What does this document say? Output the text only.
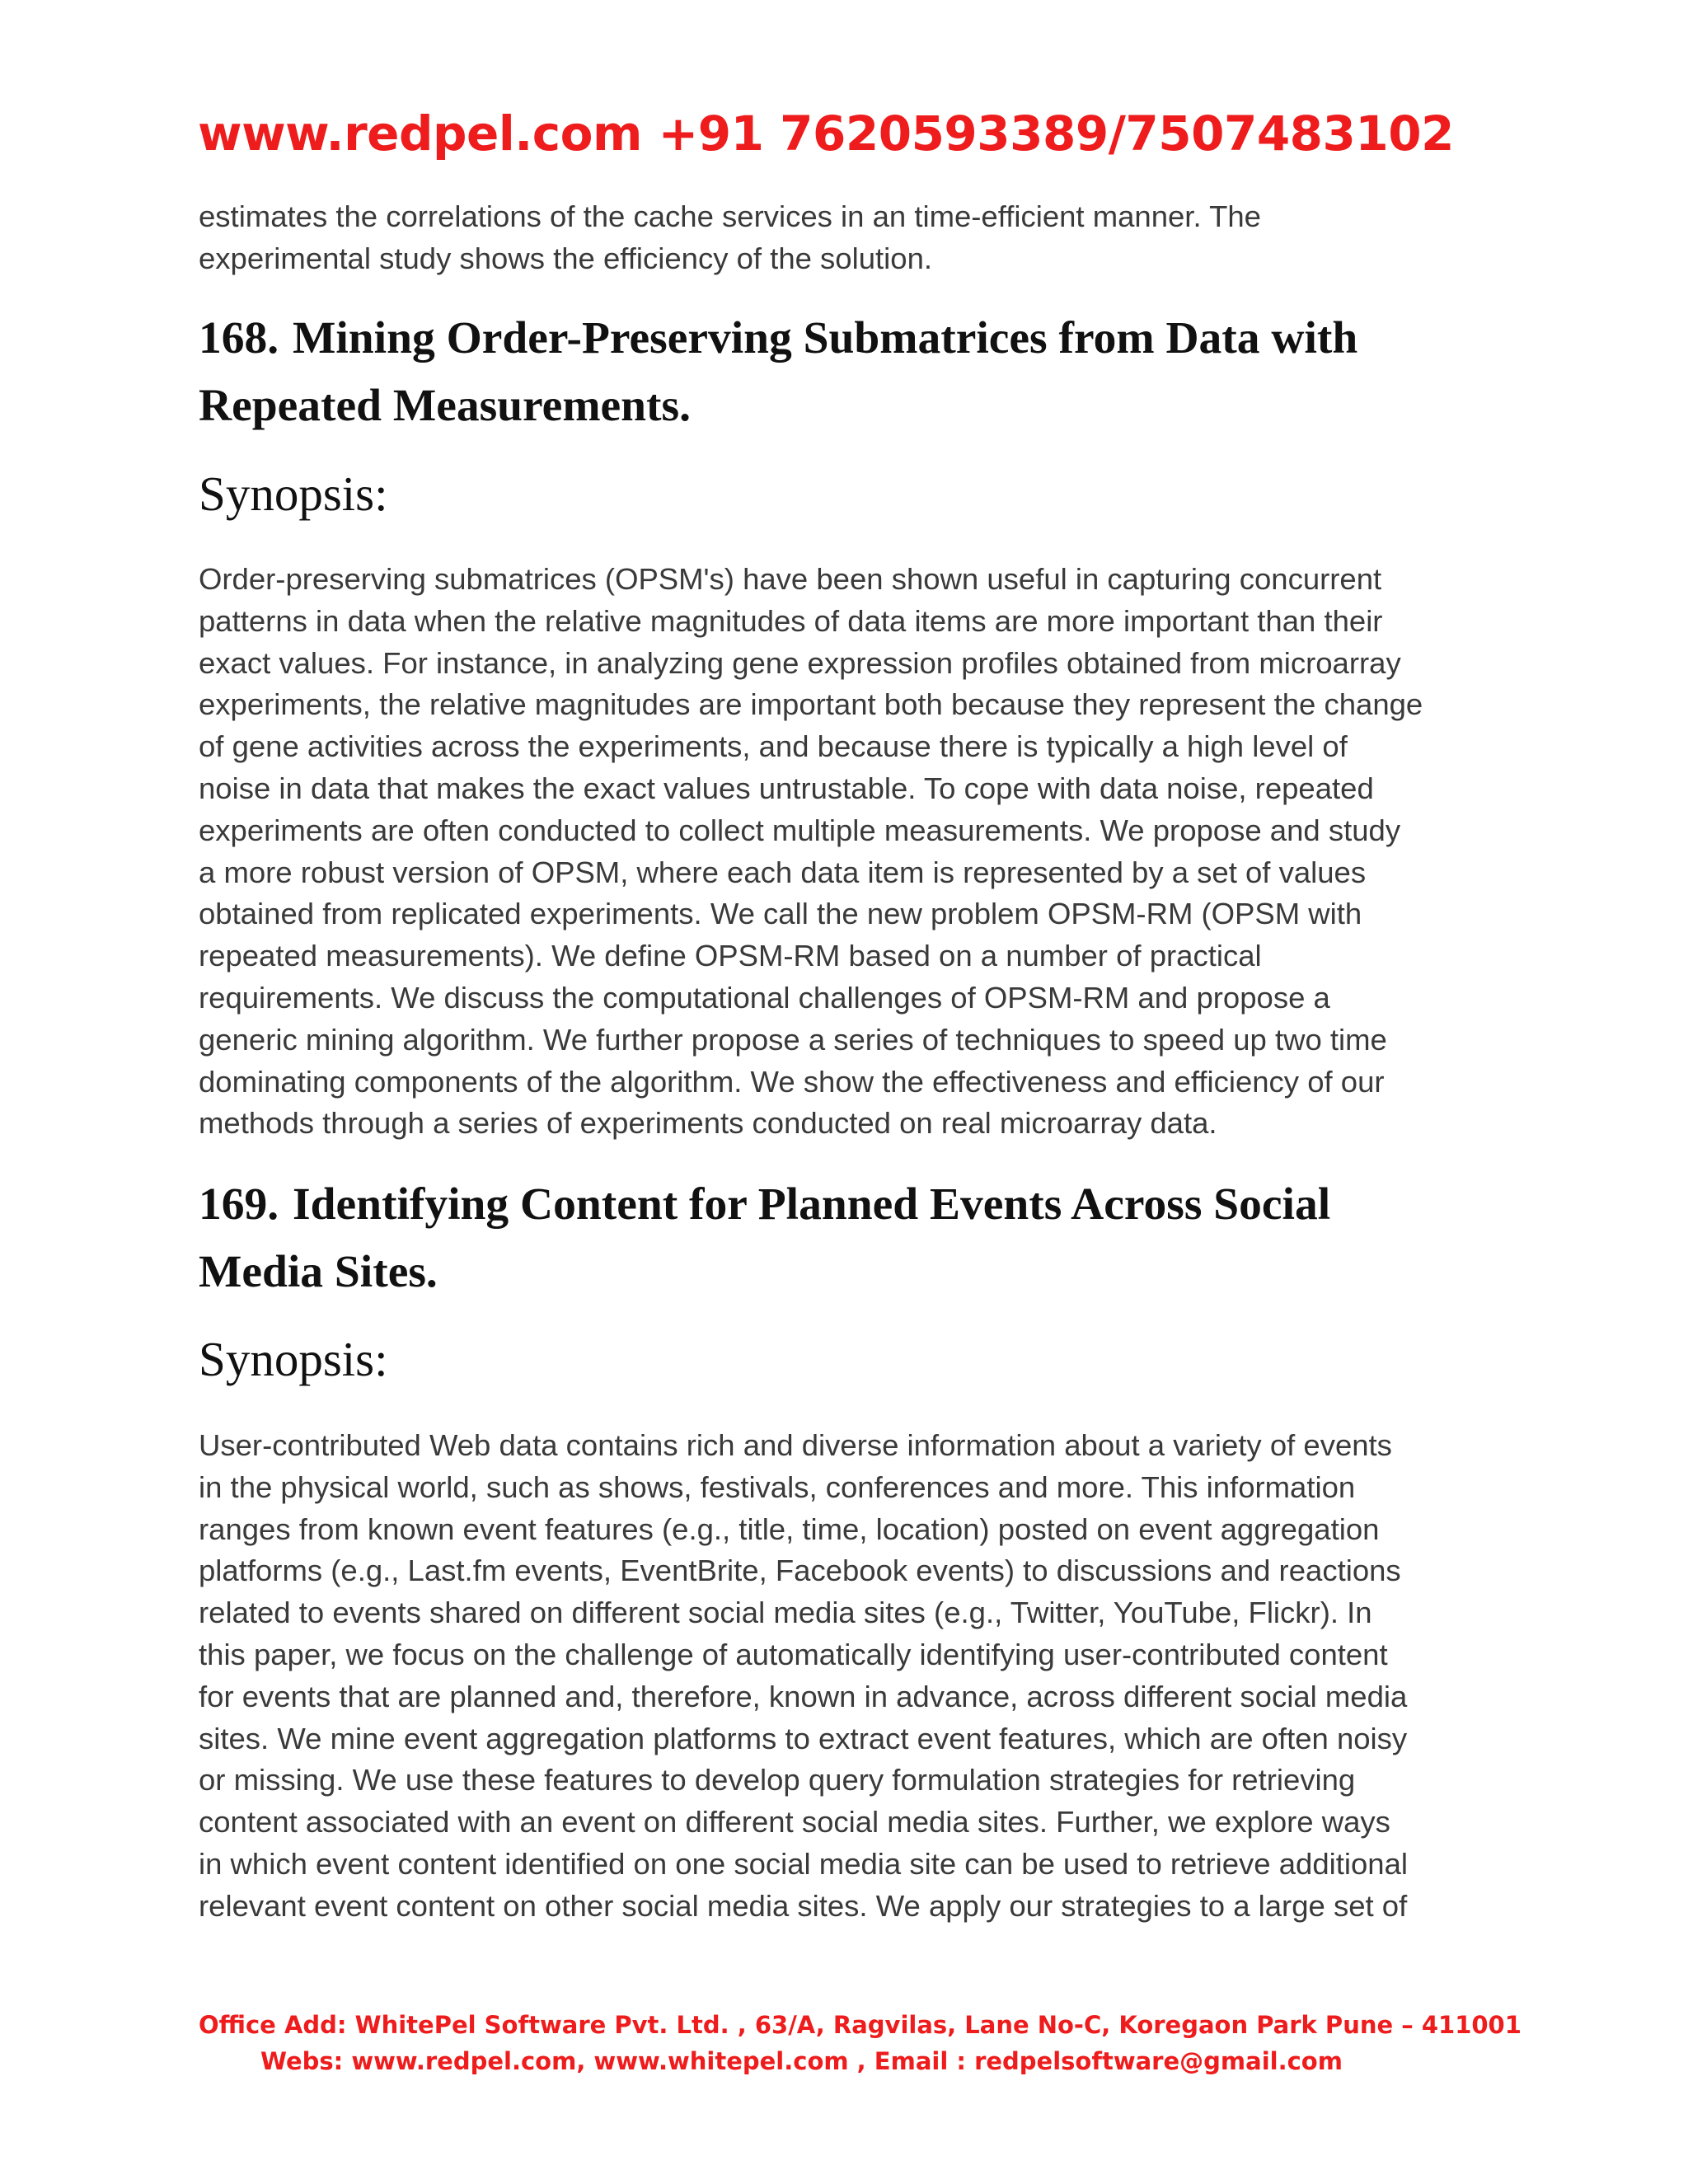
www.redpel.com +91 7620593389/7507483102

estimates the correlations of the cache services in an time-efficient manner. The
experimental study shows the efficiency of the solution.

168. Mining Order-Preserving Submatrices from Data with
Repeated Measurements.

Synopsis:

Order-preserving submatrices (OPSM's) have been shown useful in capturing concurrent
patterns in data when the relative magnitudes of data items are more important than their
exact values. For instance, in analyzing gene expression profiles obtained from microarray
experiments, the relative magnitudes are important both because they represent the change
of gene activities across the experiments, and because there is typically a high level of
noise in data that makes the exact values untrustable. To cope with data noise, repeated
experiments are often conducted to collect multiple measurements. We propose and study
a more robust version of OPSM, where each data item is represented by a set of values
obtained from replicated experiments. We call the new problem OPSM-RM (OPSM with
repeated measurements). We define OPSM-RM based on a number of practical
requirements. We discuss the computational challenges of OPSM-RM and propose a
generic mining algorithm. We further propose a series of techniques to speed up two time
dominating components of the algorithm. We show the effectiveness and efficiency of our
methods through a series of experiments conducted on real microarray data.

169. Identifying Content for Planned Events Across Social
Media Sites.

Synopsis:

User-contributed Web data contains rich and diverse information about a variety of events
in the physical world, such as shows, festivals, conferences and more. This information
ranges from known event features (e.g., title, time, location) posted on event aggregation
platforms (e.g., Last.fm events, EventBrite, Facebook events) to discussions and reactions
related to events shared on different social media sites (e.g., Twitter, YouTube, Flickr). In
this paper, we focus on the challenge of automatically identifying user-contributed content
for events that are planned and, therefore, known in advance, across different social media
sites. We mine event aggregation platforms to extract event features, which are often noisy
or missing. We use these features to develop query formulation strategies for retrieving
content associated with an event on different social media sites. Further, we explore ways
in which event content identified on one social media site can be used to retrieve additional
relevant event content on other social media sites. We apply our strategies to a large set of

Office Add: WhitePel Software Pvt. Ltd. , 63/A, Ragvilas, Lane No-C, Koregaon Park Pune – 411001
Webs: www.redpel.com, www.whitepel.com , Email : redpelsoftware@gmail.com
